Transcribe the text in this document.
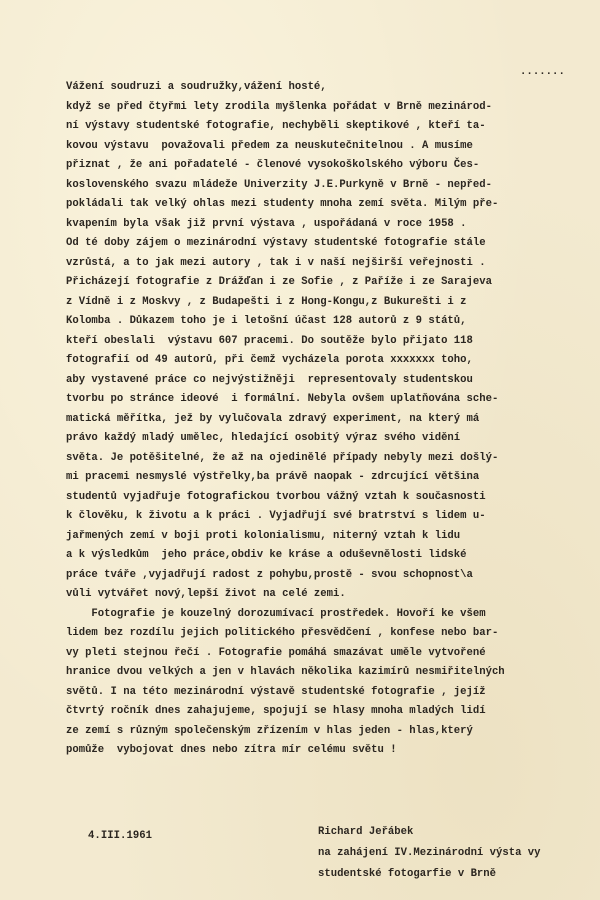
.......
Vážení soudruzi a soudružky,vážení hosté,
když se před čtyřmi lety zrodila myšlenka pořádat v Brně mezinárod-
ní výstavy studentské fotografie, nechyběli skeptikové , kteří ta-
kovou výstavu  považovali předem za neuskutečnitelnou . A musíme
přiznat , že ani pořadatelé - členové vysokoškolského výboru Čes-
koslovenského svazu mládeže Univerzity J.E.Purkyně v Brně - nepřed-
pokládali tak velký ohlas mezi studenty mnoha zemí světa. Milým pře-
kvapením byla však již první výstava , uspořádaná v roce 1958 .
Od té doby zájem o mezinárodní výstavy studentské fotografie stále
vzrůstá, a to jak mezi autory , tak i v naší nejširší veřejnosti .
Přicházejí fotografie z Drážďan i ze Sofie , z Paříže i ze Sarajeva
z Vídně i z Moskvy , z Budapešti i z Hong-Kongu,z Bukurešti i z
Kolomba . Důkazem toho je i letošní účast 128 autorů z 9 států,
kteří obeslali  výstavu 607 pracemi. Do soutěže bylo přijato 118
fotografií od 49 autorů, při čemž vycházela porota xxxxxxx toho,
aby vystavené práce co nejvýstižněji  representovaly studentskou
tvorbu po stránce ideové  i formální. Nebyla ovšem uplatňována sche-
matická měřítka, jež by vylučovala zdravý experiment, na který má
právo každý mladý umělec, hledající osobitý výraz svého vidění
světa. Je potěšitelné, že až na ojedinělé případy nebyly mezi došlý-
mi pracemi nesmyslé výstřelky,ba právě naopak - zdrcující většina
studentů vyjadřuje fotografickou tvorbou vážný vztah k současnosti
k člověku, k životu a k práci . Vyjadřují své bratrství s lidem u-
jařmených zemí v boji proti kolonialismu, niterný vztah k lidu
a k výsledkům  jeho práce,obdiv ke kráse a oduševnělosti lidské
práce tváře ,vyjadřují radost z pohybu,prostě - svou schopnost\a
vůli vytvářet nový,lepší život na celé zemi.
Fotografie je kouzelný dorozumívací prostředek. Hovoří ke všem
lidem bez rozdílu jejich politického přesvědčení , konfese nebo bar-
vy pleti stejnou řečí . Fotografie pomáhá smazávat uměle vytvořené
hranice dvou velkých a jen v hlavách několika kazimírů nesmiřitelných
světů. I na této mezinárodní výstavě studentské fotografie , jejíž
čtvrtý ročník dnes zahajujeme, spojují se hlasy mnoha mladých lidí
ze zemí s různým společenským zřízením v hlas jeden - hlas,který
pomůže  vybojovat dnes nebo zítra mír celému světu !
4.III.1961	Richard Jeřábek
na zahájení IV.Mezinárodní výsta vy
studentské fotogarfie v Brně
